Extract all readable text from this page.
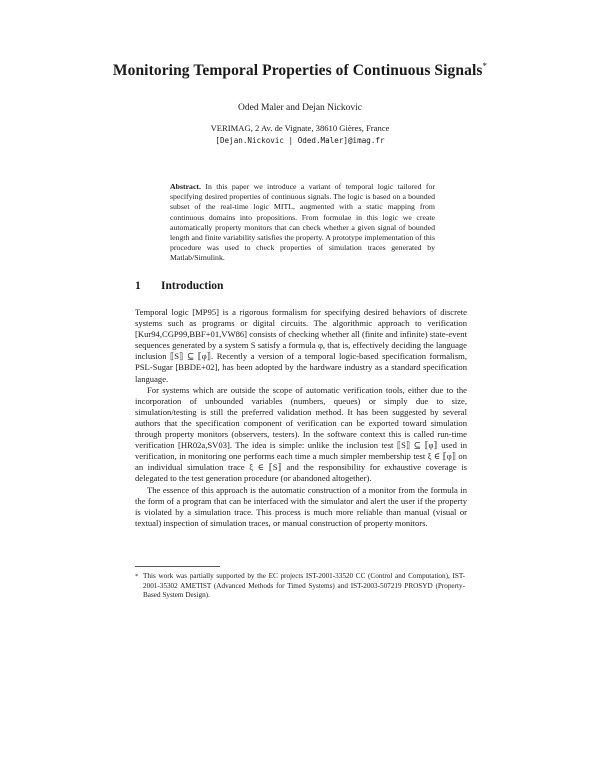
Monitoring Temporal Properties of Continuous Signals*
Oded Maler and Dejan Nickovic
VERIMAG, 2 Av. de Vignate, 38610 Gières, France
[Dejan.Nickovic | Oded.Maler]@imag.fr
Abstract. In this paper we introduce a variant of temporal logic tailored for specifying desired properties of continuous signals. The logic is based on a bounded subset of the real-time logic MITL, augmented with a static mapping from continuous domains into propositions. From formulae in this logic we create automatically property monitors that can check whether a given signal of bounded length and finite variability satisfies the property. A prototype implementation of this procedure was used to check properties of simulation traces generated by Matlab/Simulink.
1 Introduction

Temporal logic [MP95] is a rigorous formalism for specifying desired behaviors of discrete systems such as programs or digital circuits. The algorithmic approach to verification [Kur94,CGP99,BBF+01,VW86] consists of checking whether all (finite and infinite) state-event sequences generated by a system S satisfy a formula φ, that is, effectively deciding the language inclusion ⟦S⟧ ⊆ ⟦φ⟧. Recently a version of a temporal logic-based specification formalism, PSL-Sugar [BBDE+02], has been adopted by the hardware industry as a standard specification language.

For systems which are outside the scope of automatic verification tools, either due to the incorporation of unbounded variables (numbers, queues) or simply due to size, simulation/testing is still the preferred validation method. It has been suggested by several authors that the specification component of verification can be exported toward simulation through property monitors (observers, testers). In the software context this is called run-time verification [HR02a,SV03]. The idea is simple: unlike the inclusion test ⟦S⟧ ⊆ ⟦φ⟧ used in verification, in monitoring one performs each time a much simpler membership test ξ ∈ ⟦φ⟧ on an individual simulation trace ξ ∈ ⟦S⟧ and the responsibility for exhaustive coverage is delegated to the test generation procedure (or abandoned altogether).

The essence of this approach is the automatic construction of a monitor from the formula in the form of a program that can be interfaced with the simulator and alert the user if the property is violated by a simulation trace. This process is much more reliable than manual (visual or textual) inspection of simulation traces, or manual construction of property monitors.

* This work was partially supported by the EC projects IST-2001-33520 CC (Control and Computation), IST-2001-35302 AMETIST (Advanced Methods for Timed Systems) and IST-2003-507219 PROSYD (Property-Based System Design).
